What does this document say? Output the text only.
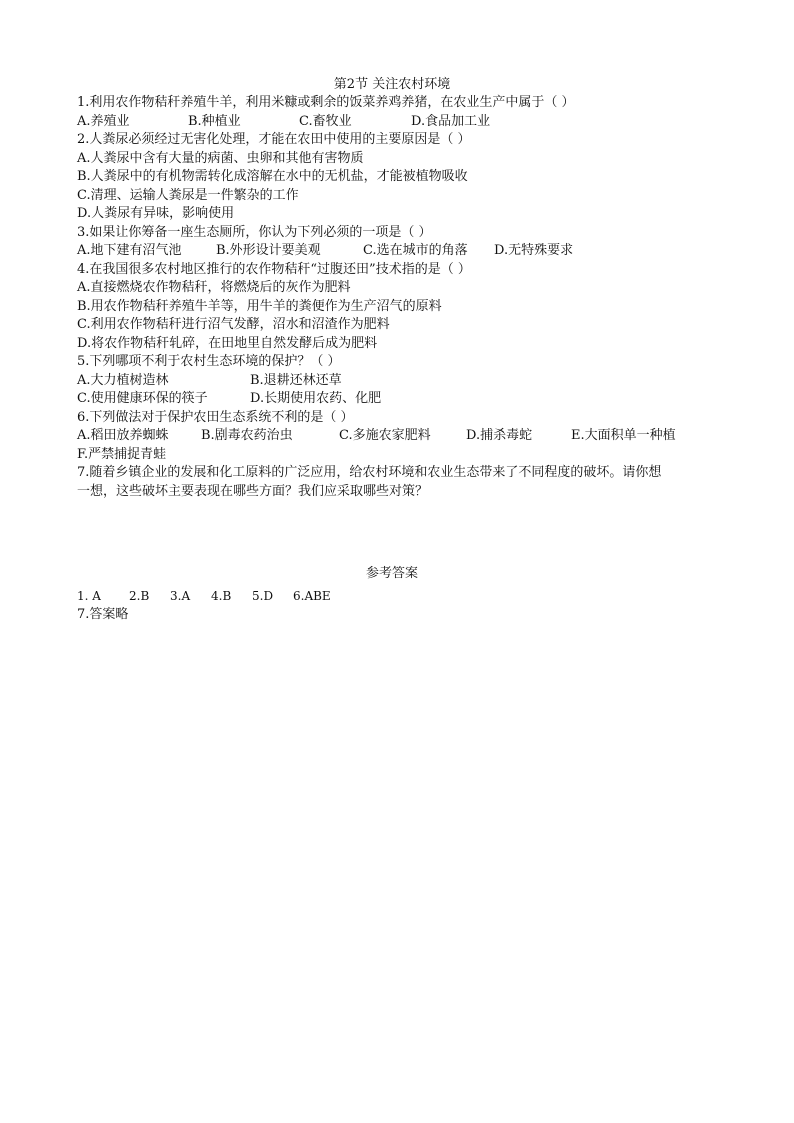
第2节 关注农村环境
1.利用农作物秸秆养殖牛羊，利用米糠或剩余的饭菜养鸡养猪，在农业生产中属于（ ）
A.养殖业	B.种植业	C.畜牧业	D.食品加工业
2.人粪尿必须经过无害化处理，才能在农田中使用的主要原因是（ ）
A.人粪尿中含有大量的病菌、虫卵和其他有害物质
B.人粪尿中的有机物需转化成溶解在水中的无机盐，才能被植物吸收
C.清理、运输人粪尿是一件繁杂的工作
D.人粪尿有异味，影响使用
3.如果让你筹备一座生态厕所，你认为下列必须的一项是（ ）
A.地下建有沼气池	B.外形设计要美观	C.选在城市的角落	D.无特殊要求
4.在我国很多农村地区推行的农作物秸秆“过腹还田”技术指的是（ ）
A.直接燃烧农作物秸秆，将燃烧后的灰作为肥料
B.用农作物秸秆养殖牛羊等，用牛羊的粪便作为生产沼气的原料
C.利用农作物秸秆进行沼气发酵，沼水和沼渣作为肥料
D.将农作物秸秆轧碎，在田地里自然发酵后成为肥料
5.下列哪项不利于农村生态环境的保护？（ ）
A.大力植树造林	B.退耕还林还草
C.使用健康环保的筷子	D.长期使用农药、化肥
6.下列做法对于保护农田生态系统不利的是（ ）
A.稻田放养蜘蛛	B.剧毒农药治虫	C.多施农家肥料	D.捕杀毒蛇	E.大面积单一种植
F.严禁捕捉青蛙
7.随着乡镇企业的发展和化工原料的广泛应用，给农村环境和农业生态带来了不同程度的破坏。请你想
一想，这些破坏主要表现在哪些方面？我们应采取哪些对策？
参考答案
1. A	2.B	3.A	4.B	5.D	6.ABE
7.答案略
